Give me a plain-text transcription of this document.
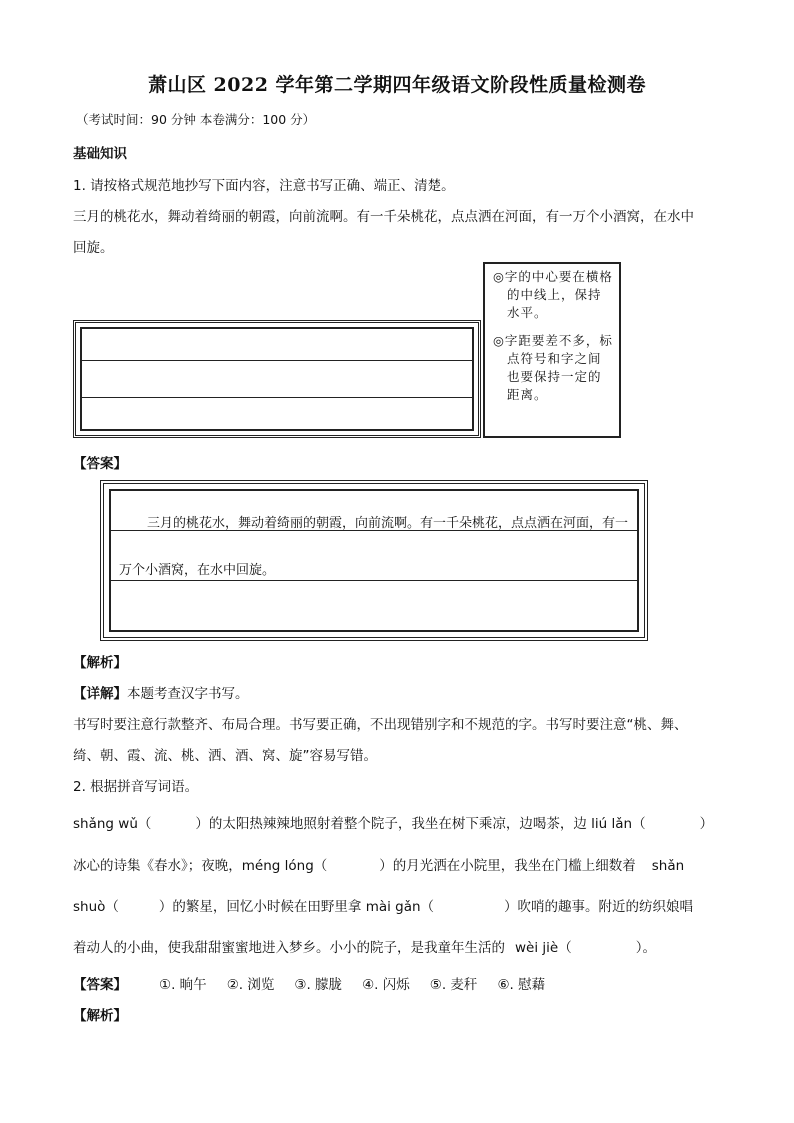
萧山区 2022 学年第二学期四年级语文阶段性质量检测卷
（考试时间：90 分钟 本卷满分：100 分）
基础知识
1. 请按格式规范地抄写下面内容，注意书写正确、端正、清楚。
三月的桃花水，舞动着绮丽的朝霞，向前流啊。有一千朵桃花，点点洒在河面，有一万个小酒窝，在水中
回旋。

◎字的中心要在横格的中线上，保持水平。

◎字距要差不多，标点符号和字之间也要保持一定的距离。

【答案】
三月的桃花水，舞动着绮丽的朝霞，向前流啊。有一千朵桃花，点点洒在河面，有一
万个小酒窝，在水中回旋。
【解析】
【详解】本题考查汉字书写。
书写时要注意行款整齐、布局合理。书写要正确，不出现错别字和不规范的字。书写时要注意“桃、舞、
绮、朝、霞、流、桃、洒、酒、窝、旋”容易写错。
2. 根据拼音写词语。
shǎng wǔ（	）的太阳热辣辣地照射着整个院子，我坐在树下乘凉，边喝茶，边 liú lǎn（	）
冰心的诗集《春水》；夜晚，méng lóng（	）的月光洒在小院里，我坐在门槛上细数着 shǎn
shuò（	）的繁星，回忆小时候在田野里拿 mài gǎn（	）吹哨的趣事。附近的纺织娘唱
着动人的小曲，使我甜甜蜜蜜地进入梦乡。小小的院子，是我童年生活的 wèi jiè（	）。
【答案】 ①. 晌午 ②. 浏览 ③. 朦胧 ④. 闪烁 ⑤. 麦秆 ⑥. 慰藉
【解析】
